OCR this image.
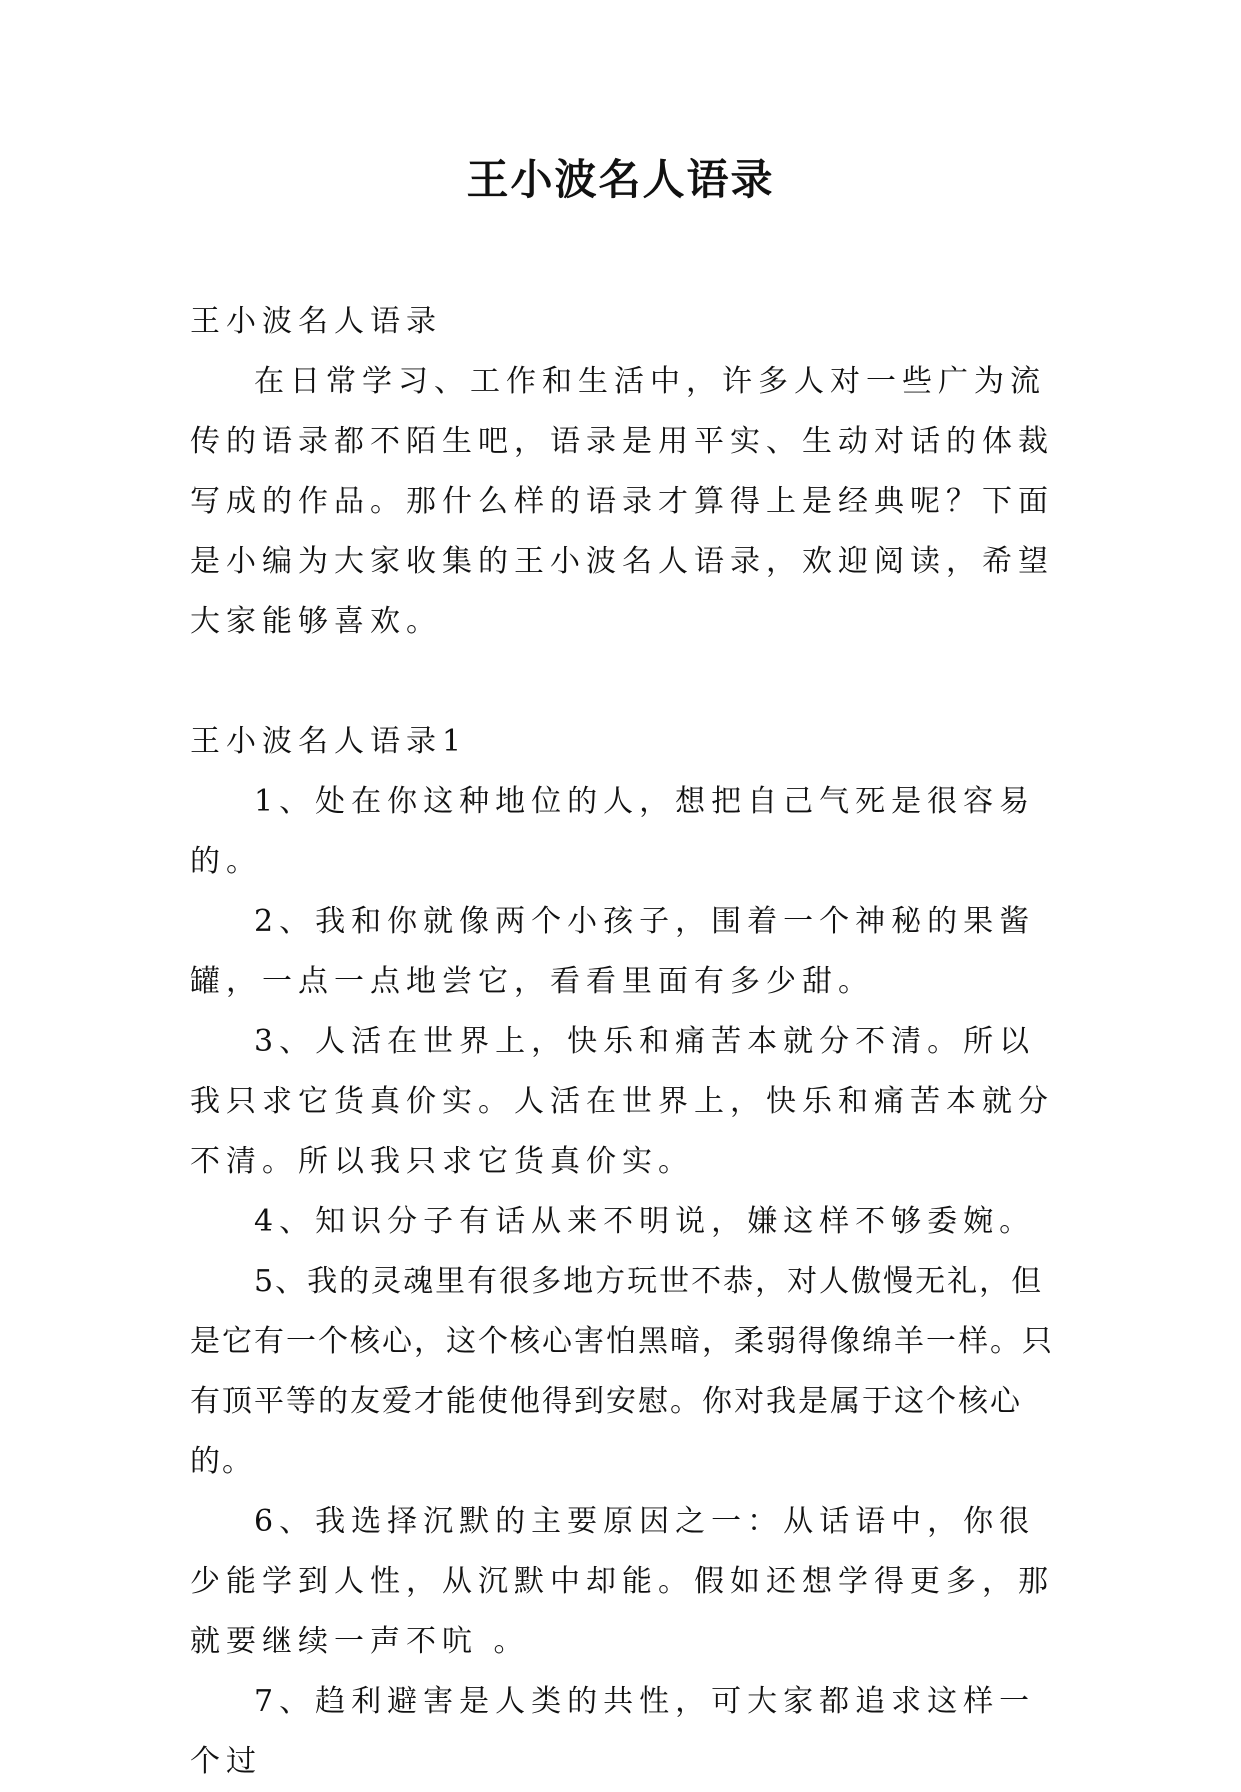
王小波名人语录

王小波名人语录

在日常学习、工作和生活中，许多人对一些广为流传的语录都不陌生吧，语录是用平实、生动对话的体裁写成的作品。那什么样的语录才算得上是经典呢？下面是小编为大家收集的王小波名人语录，欢迎阅读，希望大家能够喜欢。

王小波名人语录1

1、处在你这种地位的人，想把自己气死是很容易的。

2、我和你就像两个小孩子，围着一个神秘的果酱罐，一点一点地尝它，看看里面有多少甜。

3、人活在世界上，快乐和痛苦本就分不清。所以我只求它货真价实。人活在世界上，快乐和痛苦本就分不清。所以我只求它货真价实。

4、知识分子有话从来不明说，嫌这样不够委婉。

5、我的灵魂里有很多地方玩世不恭，对人傲慢无礼，但是它有一个核心，这个核心害怕黑暗，柔弱得像绵羊一样。只有顶平等的友爱才能使他得到安慰。你对我是属于这个核心的。

6、我选择沉默的主要原因之一：从话语中，你很少能学到人性，从沉默中却能。假如还想学得更多，那就要继续一声不吭 。

7、趋利避害是人类的共性，可大家都追求这样一个过
